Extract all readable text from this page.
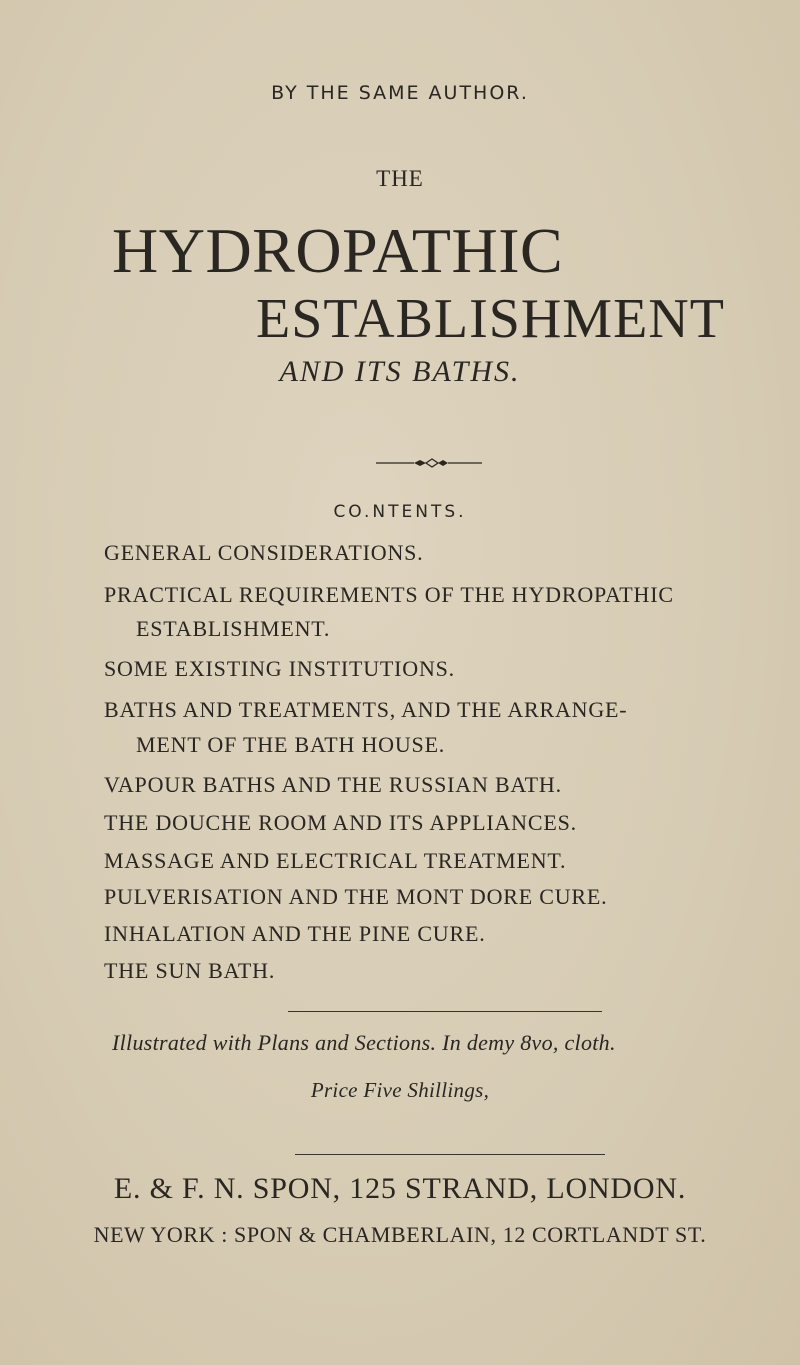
BY THE SAME AUTHOR.
THE
HYDROPATHIC
ESTABLISHMENT
AND ITS BATHS.
CO.NTENTS.
GENERAL CONSIDERATIONS.
PRACTICAL REQUIREMENTS OF THE HYDROPATHIC
ESTABLISHMENT.
SOME EXISTING INSTITUTIONS.
BATHS AND TREATMENTS, AND THE ARRANGE-
MENT OF THE BATH HOUSE.
VAPOUR BATHS AND THE RUSSIAN BATH.
THE DOUCHE ROOM AND ITS APPLIANCES.
MASSAGE AND ELECTRICAL TREATMENT.
PULVERISATION AND THE MONT DORE CURE.
INHALATION AND THE PINE CURE.
THE SUN BATH.
Illustrated with Plans and Sections. In demy 8vo, cloth.
Price Five Shillings,
E. & F. N. SPON, 125 STRAND, LONDON.
NEW YORK : SPON & CHAMBERLAIN, 12 CORTLANDT ST.
